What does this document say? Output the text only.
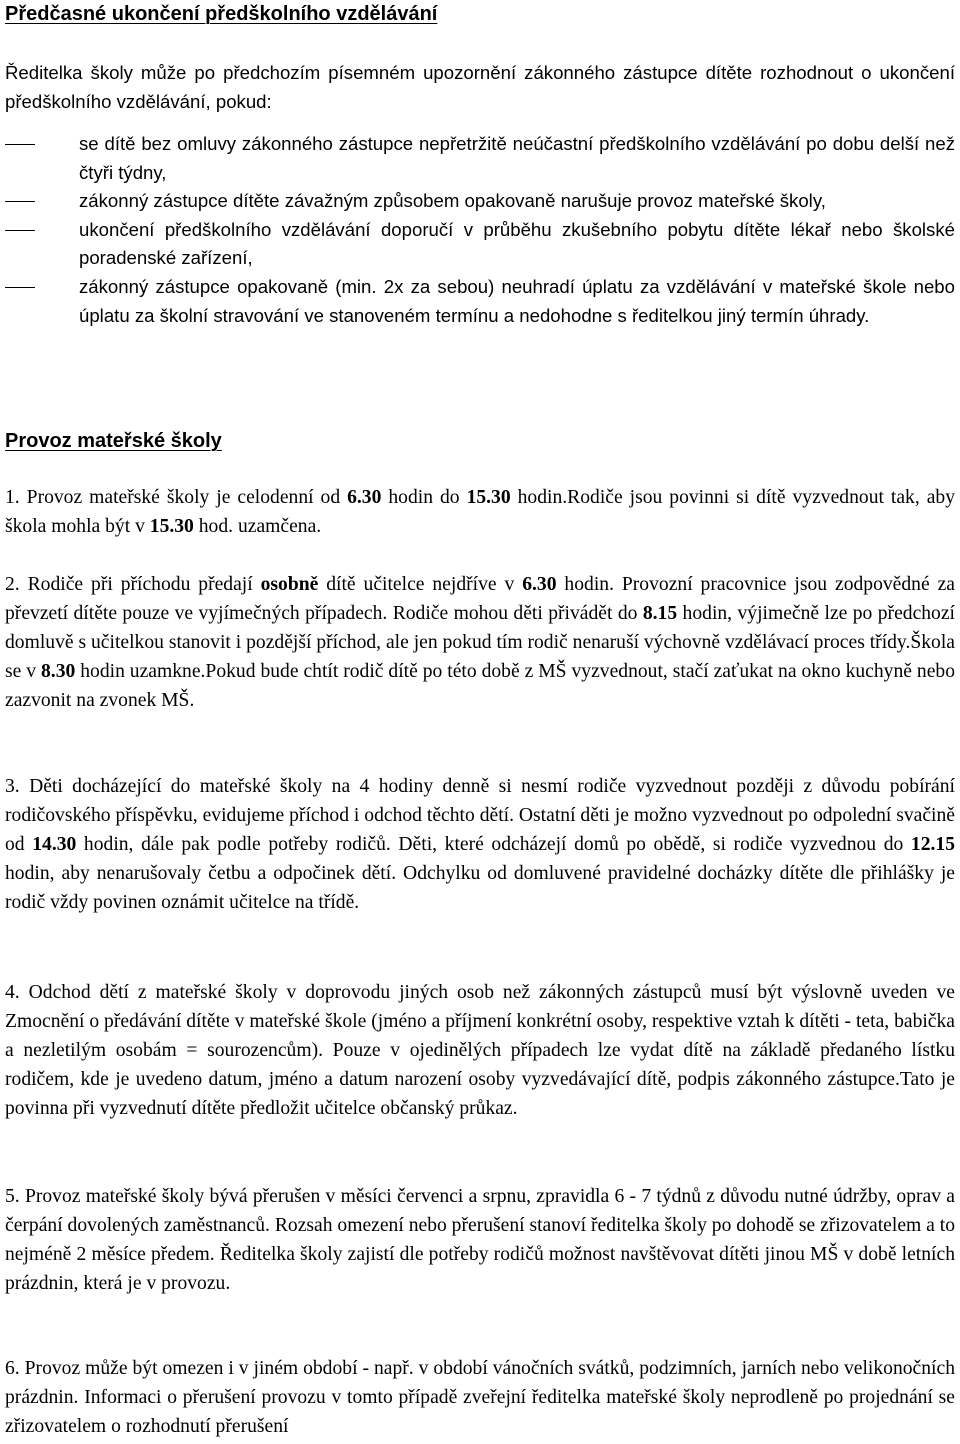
Předčasné ukončení předškolního vzdělávání

Ředitelka školy může po předchozím písemném upozornění zákonného zástupce dítěte rozhodnout o ukončení předškolního vzdělávání, pokud:

se dítě bez omluvy zákonného zástupce nepřetržitě neúčastní předškolního vzdělávání po dobu delší než čtyři týdny,
zákonný zástupce dítěte závažným způsobem opakovaně narušuje provoz mateřské školy,
ukončení předškolního vzdělávání doporučí v průběhu zkušebního pobytu dítěte lékař nebo školské poradenské zařízení,
zákonný zástupce opakovaně (min. 2x za sebou) neuhradí úplatu za vzdělávání v mateřské škole nebo úplatu za školní stravování ve stanoveném termínu a nedohodne s ředitelkou jiný termín úhrady.
Provoz mateřské školy

1. Provoz mateřské školy je celodenní od 6.30 hodin do 15.30 hodin.Rodiče jsou povinni si dítě vyzvednout tak, aby škola mohla být v 15.30 hod. uzamčena.

2. Rodiče při příchodu předají osobně dítě učitelce nejdříve v 6.30 hodin. Provozní pracovnice jsou zodpovědné za převzetí dítěte pouze ve vyjímečných případech. Rodiče mohou děti přivádět do 8.15 hodin, výjimečně lze po předchozí domluvě s učitelkou stanovit i pozdější příchod, ale jen pokud tím rodič nenaruší výchovně vzdělávací proces třídy.Škola se v 8.30 hodin uzamkne.Pokud bude chtít rodič dítě po této době z MŠ vyzvednout, stačí zaťukat na okno kuchyně nebo zazvonit na zvonek MŠ.

3. Děti docházející do mateřské školy na 4 hodiny denně si nesmí rodiče vyzvednout později z důvodu pobírání rodičovského příspěvku, evidujeme příchod i odchod těchto dětí. Ostatní děti je možno vyzvednout po odpolední svačině od 14.30 hodin, dále pak podle potřeby rodičů. Děti, které odcházejí domů po obědě, si rodiče vyzvednou do 12.15 hodin, aby nenarušovaly četbu a odpočinek dětí. Odchylku od domluvené pravidelné docházky dítěte dle přihlášky je rodič vždy povinen oznámit učitelce na třídě.

4. Odchod dětí z mateřské školy v doprovodu jiných osob než zákonných zástupců musí být výslovně uveden ve Zmocnění o předávání dítěte v mateřské škole (jméno a příjmení konkrétní osoby, respektive vztah k dítěti - teta, babička a nezletilým osobám = sourozencům). Pouze v ojedinělých případech lze vydat dítě na základě předaného lístku rodičem, kde je uvedeno datum, jméno a datum narození osoby vyzvedávající dítě, podpis zákonného zástupce.Tato je povinna při vyzvednutí dítěte předložit učitelce občanský průkaz.

5. Provoz mateřské školy bývá přerušen v měsíci červenci a srpnu, zpravidla 6 - 7 týdnů z důvodu nutné údržby, oprav a čerpání dovolených zaměstnanců. Rozsah omezení nebo přerušení stanoví ředitelka školy po dohodě se zřizovatelem a to nejméně 2 měsíce předem. Ředitelka školy zajistí dle potřeby rodičů možnost navštěvovat dítěti jinou MŠ v době letních prázdnin, která je v provozu.

6. Provoz může být omezen i v jiném období - např. v období vánočních svátků, podzimních, jarních nebo velikonočních prázdnin. Informaci o přerušení provozu v tomto případě zveřejní ředitelka mateřské školy neprodleně po projednání se zřizovatelem o rozhodnutí přerušení
